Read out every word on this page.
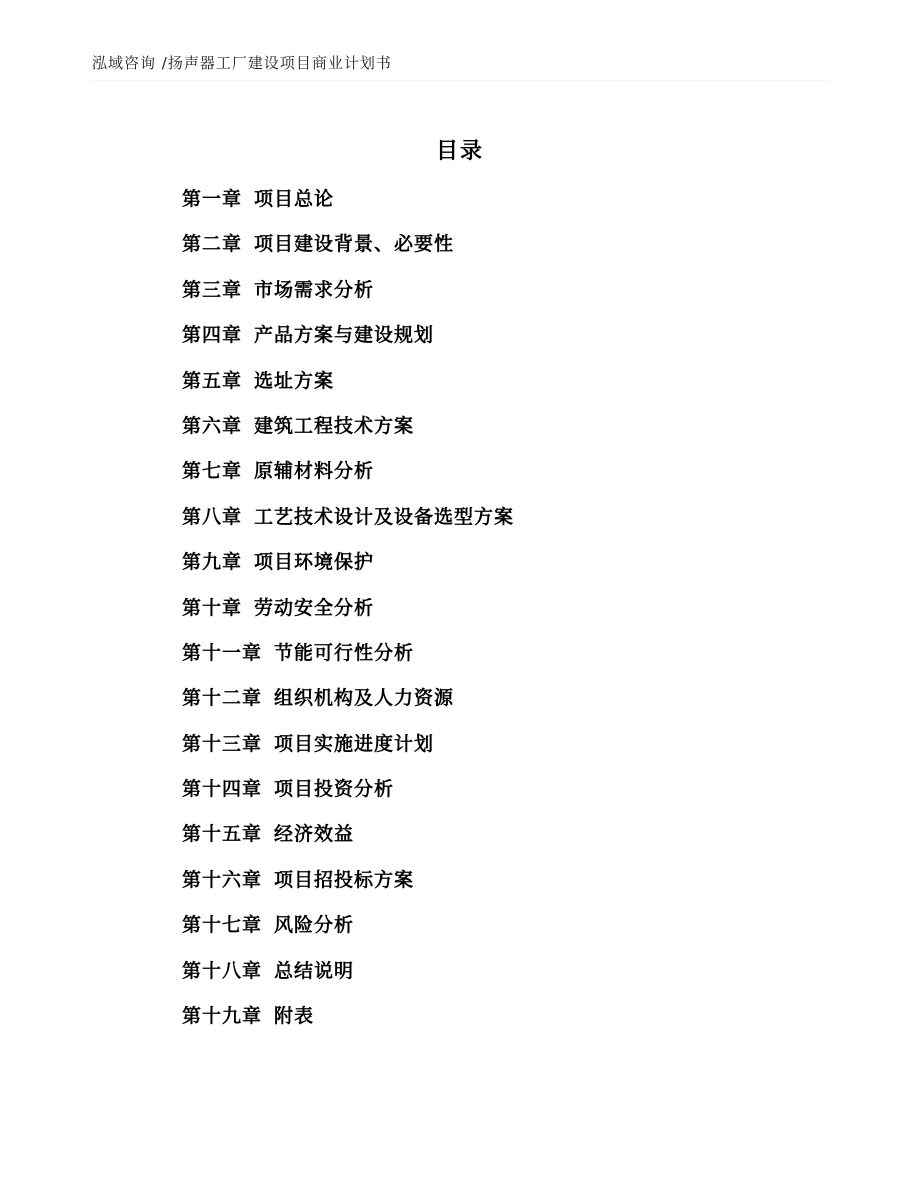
泓域咨询 /扬声器工厂建设项目商业计划书
目录
第一章 项目总论
第二章 项目建设背景、必要性
第三章 市场需求分析
第四章 产品方案与建设规划
第五章 选址方案
第六章 建筑工程技术方案
第七章 原辅材料分析
第八章 工艺技术设计及设备选型方案
第九章 项目环境保护
第十章 劳动安全分析
第十一章 节能可行性分析
第十二章 组织机构及人力资源
第十三章 项目实施进度计划
第十四章 项目投资分析
第十五章 经济效益
第十六章 项目招投标方案
第十七章 风险分析
第十八章 总结说明
第十九章 附表
